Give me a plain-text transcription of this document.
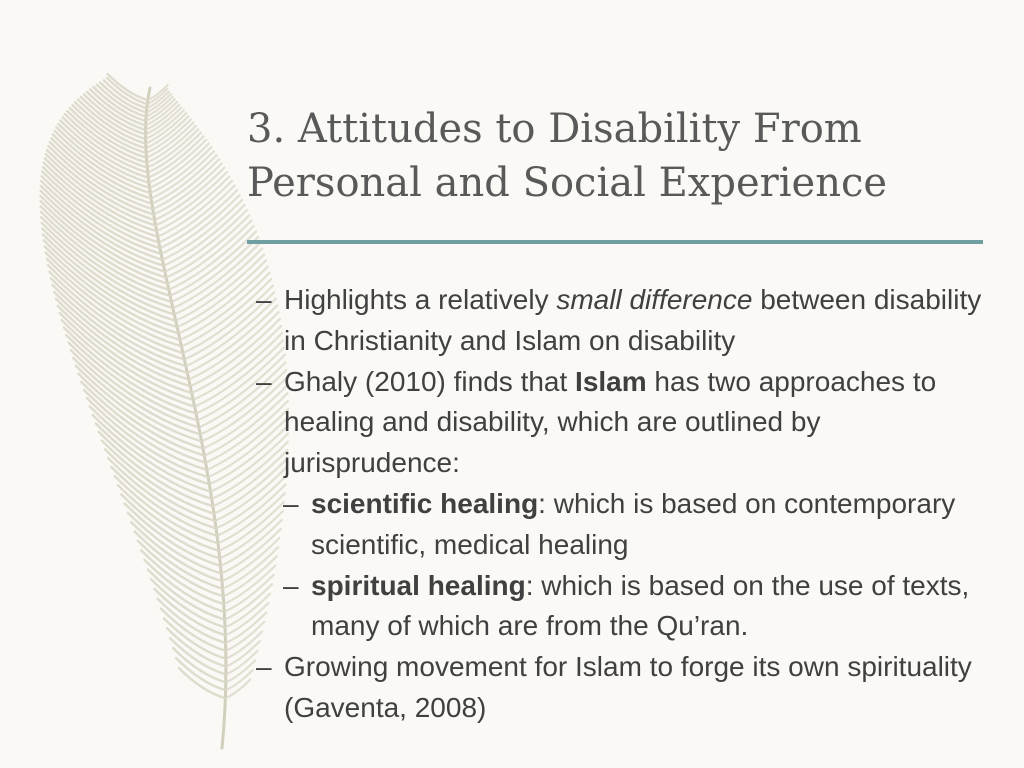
3. Attitudes to Disability From
Personal and Social Experience
– Highlights a relatively small difference between disability in Christianity and Islam on disability
– Ghaly (2010) finds that Islam has two approaches to healing and disability, which are outlined by jurisprudence:
– scientific healing: which is based on contemporary scientific, medical healing
– spiritual healing: which is based on the use of texts, many of which are from the Qu’ran.
– Growing movement for Islam to forge its own spirituality (Gaventa, 2008)
